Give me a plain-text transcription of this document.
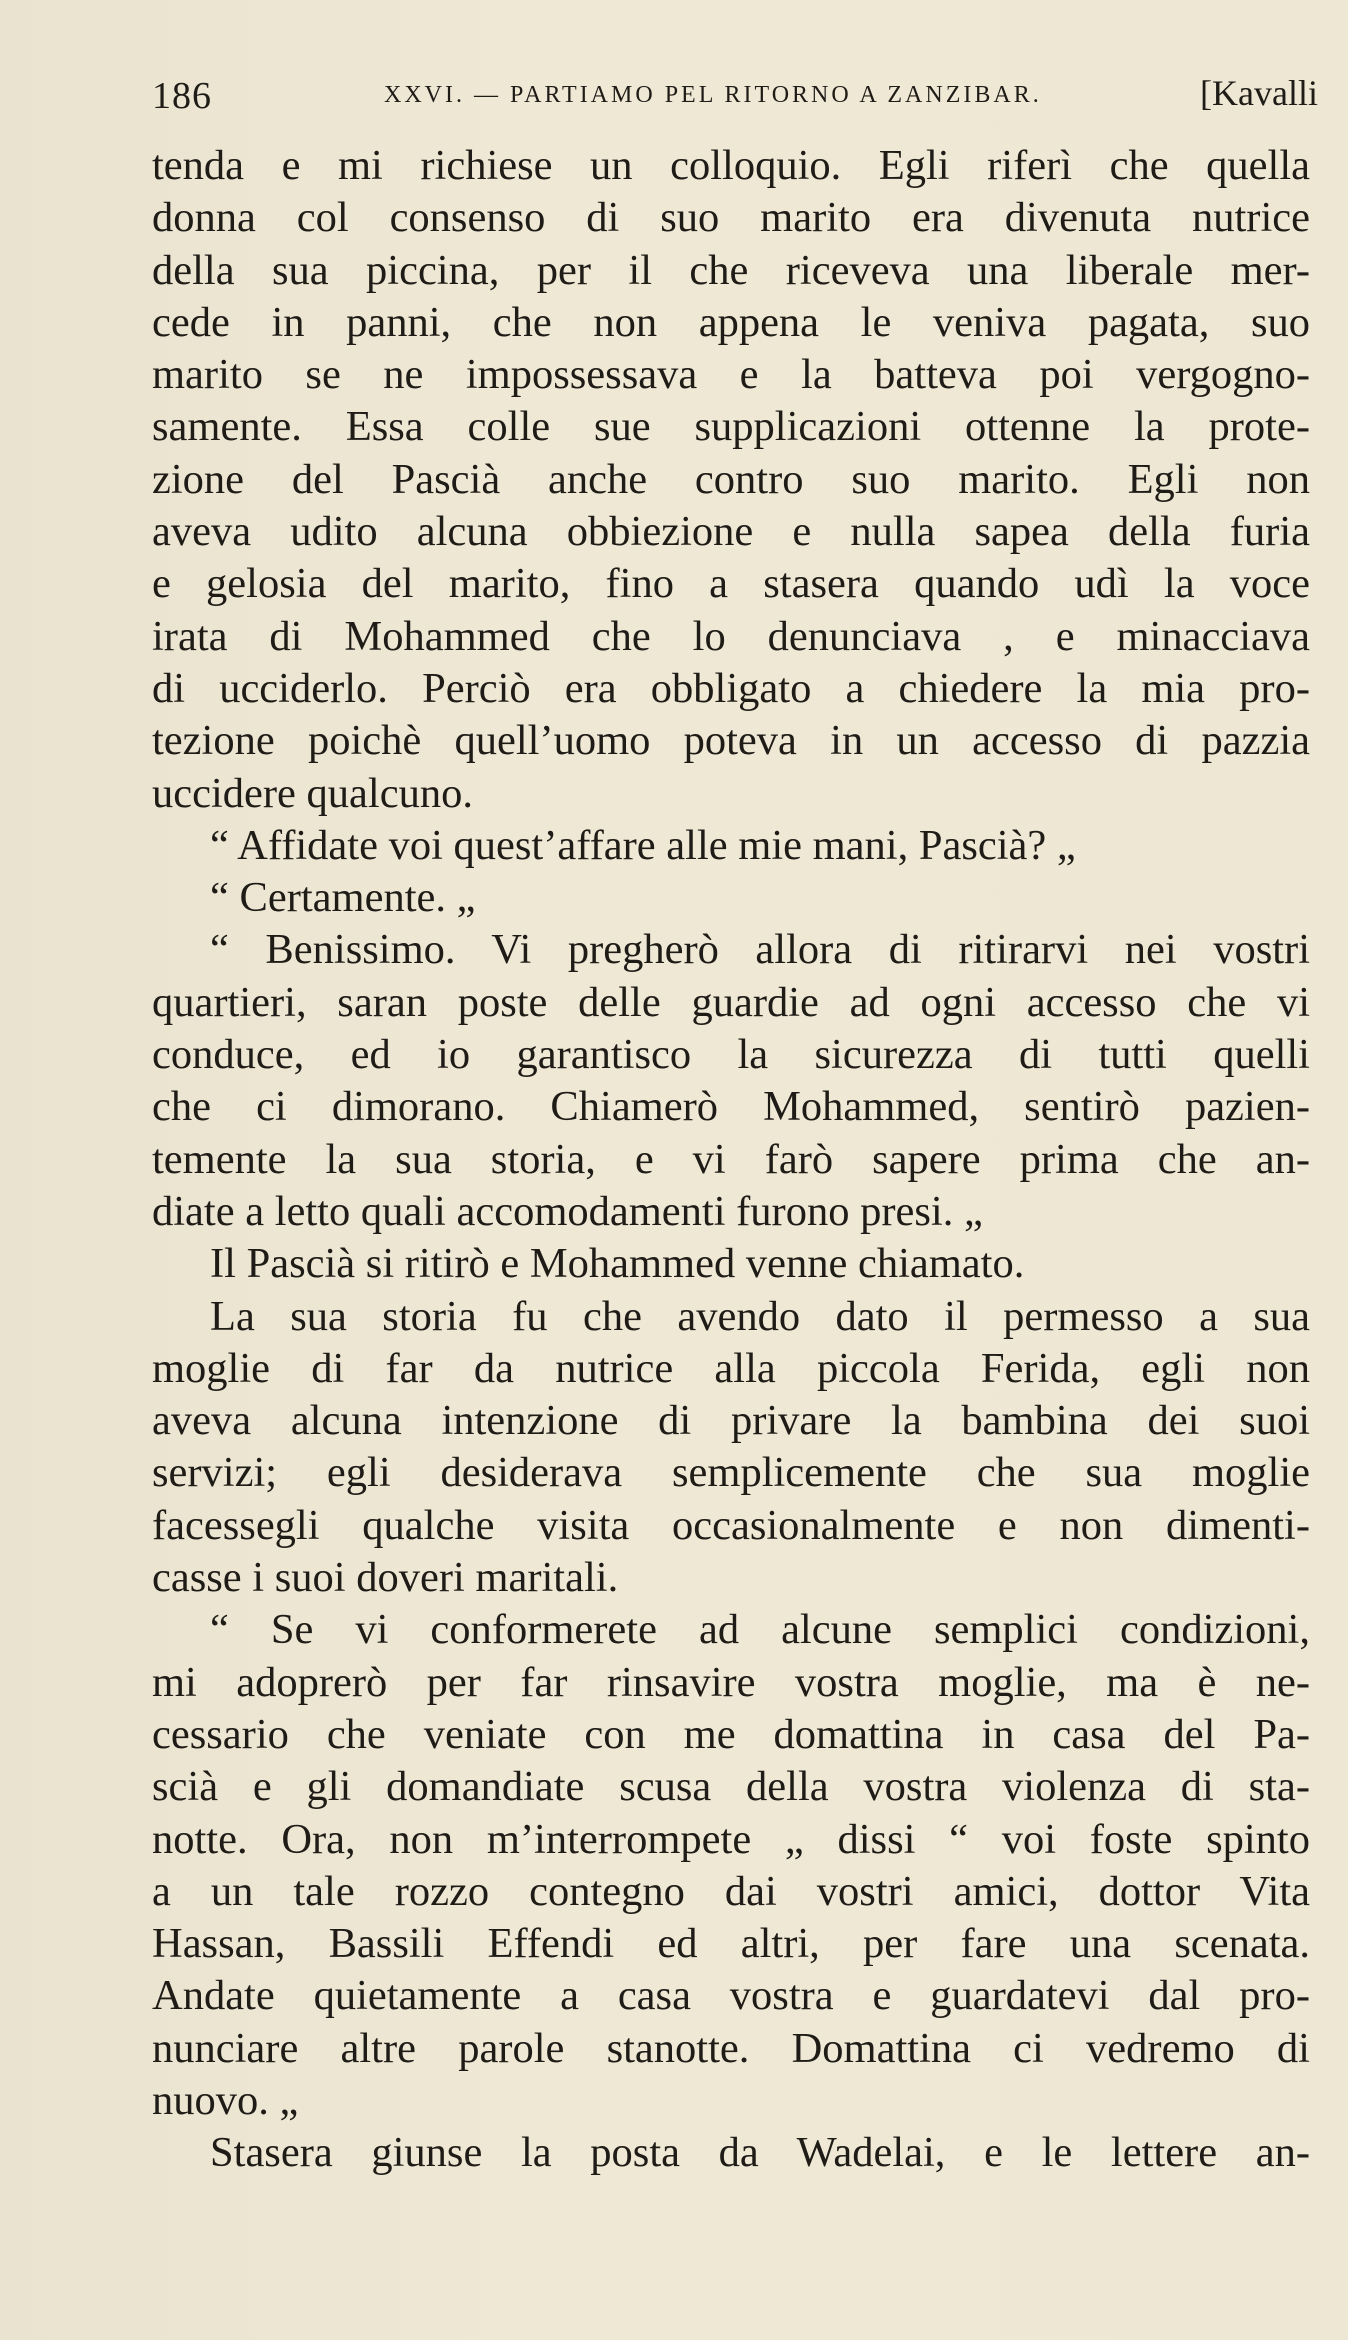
186	XXVI. — PARTIAMO PEL RITORNO A ZANZIBAR.	[Kavalli
tenda e mi richiese un colloquio. Egli riferì che quella
donna col consenso di suo marito era divenuta nutrice
della sua piccina, per il che riceveva una liberale mer-
cede in panni, che non appena le veniva pagata, suo
marito se ne impossessava e la batteva poi vergogno-
samente. Essa colle sue supplicazioni ottenne la prote-
zione del Pascià anche contro suo marito. Egli non
aveva udito alcuna obbiezione e nulla sapea della furia
e gelosia del marito, fino a stasera quando udì la voce
irata di Mohammed che lo denunciava , e minacciava
di ucciderlo. Perciò era obbligato a chiedere la mia pro-
tezione poichè quell’uomo poteva in un accesso di pazzia
uccidere qualcuno.
“ Affidate voi quest’affare alle mie mani, Pascià? „
“ Certamente. „
“ Benissimo. Vi pregherò allora di ritirarvi nei vostri
quartieri, saran poste delle guardie ad ogni accesso che vi
conduce, ed io garantisco la sicurezza di tutti quelli
che ci dimorano. Chiamerò Mohammed, sentirò pazien-
temente la sua storia, e vi farò sapere prima che an-
diate a letto quali accomodamenti furono presi. „
Il Pascià si ritirò e Mohammed venne chiamato.
La sua storia fu che avendo dato il permesso a sua
moglie di far da nutrice alla piccola Ferida, egli non
aveva alcuna intenzione di privare la bambina dei suoi
servizi; egli desiderava semplicemente che sua moglie
facessegli qualche visita occasionalmente e non dimenti-
casse i suoi doveri maritali.
“ Se vi conformerete ad alcune semplici condizioni,
mi adoprerò per far rinsavire vostra moglie, ma è ne-
cessario che veniate con me domattina in casa del Pa-
scià e gli domandiate scusa della vostra violenza di sta-
notte. Ora, non m’interrompete „ dissi “ voi foste spinto
a un tale rozzo contegno dai vostri amici, dottor Vita
Hassan, Bassili Effendi ed altri, per fare una scenata.
Andate quietamente a casa vostra e guardatevi dal pro-
nunciare altre parole stanotte. Domattina ci vedremo di
nuovo. „
Stasera giunse la posta da Wadelai, e le lettere an-
